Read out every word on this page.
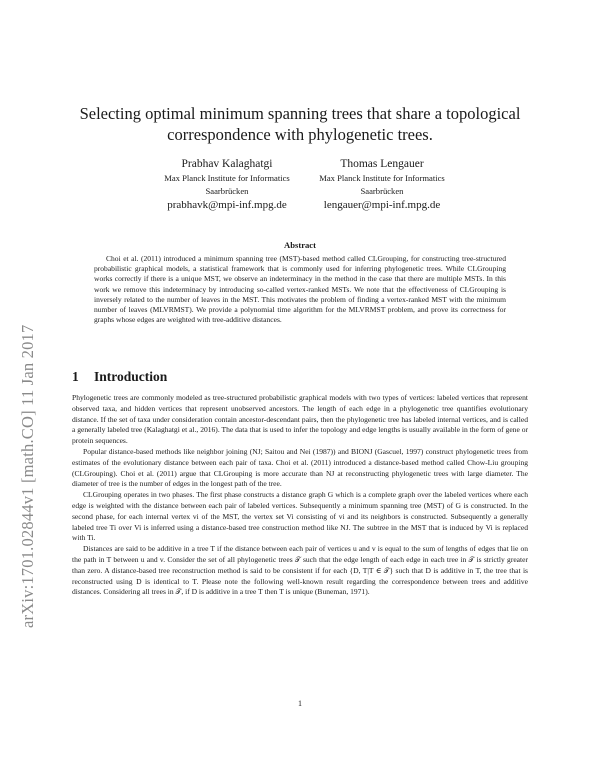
arXiv:1701.02844v1 [math.CO] 11 Jan 2017
Selecting optimal minimum spanning trees that share a topological
correspondence with phylogenetic trees.
Prabhav Kalaghatgi
Max Planck Institute for Informatics
Saarbrücken
prabhavk@mpi-inf.mpg.de
Thomas Lengauer
Max Planck Institute for Informatics
Saarbrücken
lengauer@mpi-inf.mpg.de
Abstract
Choi et al. (2011) introduced a minimum spanning tree (MST)-based method called CLGrouping, for constructing tree-structured probabilistic graphical models, a statistical framework that is commonly used for inferring phylogenetic trees. While CLGrouping works correctly if there is a unique MST, we observe an indeterminacy in the method in the case that there are multiple MSTs. In this work we remove this indeterminacy by introducing so-called vertex-ranked MSTs. We note that the effectiveness of CLGrouping is inversely related to the number of leaves in the MST. This motivates the problem of finding a vertex-ranked MST with the minimum number of leaves (MLVRMST). We provide a polynomial time algorithm for the MLVRMST problem, and prove its correctness for graphs whose edges are weighted with tree-additive distances.
1 Introduction

Phylogenetic trees are commonly modeled as tree-structured probabilistic graphical models with two types of vertices: labeled vertices that represent observed taxa, and hidden vertices that represent unobserved ancestors. The length of each edge in a phylogenetic tree quantifies evolutionary distance. If the set of taxa under consideration contain ancestor-descendant pairs, then the phylogenetic tree has labeled internal vertices, and is called a generally labeled tree (Kalaghatgi et al., 2016). The data that is used to infer the topology and edge lengths is usually available in the form of gene or protein sequences.

Popular distance-based methods like neighbor joining (NJ; Saitou and Nei (1987)) and BIONJ (Gascuel, 1997) construct phylogenetic trees from estimates of the evolutionary distance between each pair of taxa. Choi et al. (2011) introduced a distance-based method called Chow-Liu grouping (CLGrouping). Choi et al. (2011) argue that CLGrouping is more accurate than NJ at reconstructing phylogenetic trees with large diameter. The diameter of tree is the number of edges in the longest path of the tree.

CLGrouping operates in two phases. The first phase constructs a distance graph G which is a complete graph over the labeled vertices where each edge is weighted with the distance between each pair of labeled vertices. Subsequently a minimum spanning tree (MST) of G is constructed. In the second phase, for each internal vertex vi of the MST, the vertex set Vi consisting of vi and its neighbors is constructed. Subsequently a generally labeled tree Ti over Vi is inferred using a distance-based tree construction method like NJ. The subtree in the MST that is induced by Vi is replaced with Ti.

Distances are said to be additive in a tree T if the distance between each pair of vertices u and v is equal to the sum of lengths of edges that lie on the path in T between u and v. Consider the set of all phylogenetic trees 𝒯 such that the edge length of each edge in each tree in 𝒯 is strictly greater than zero. A distance-based tree reconstruction method is said to be consistent if for each {D, T|T ∈ 𝒯} such that D is additive in T, the tree that is reconstructed using D is identical to T. Please note the following well-known result regarding the correspondence between trees and additive distances. Considering all trees in 𝒯, if D is additive in a tree T then T is unique (Buneman, 1971).

1
